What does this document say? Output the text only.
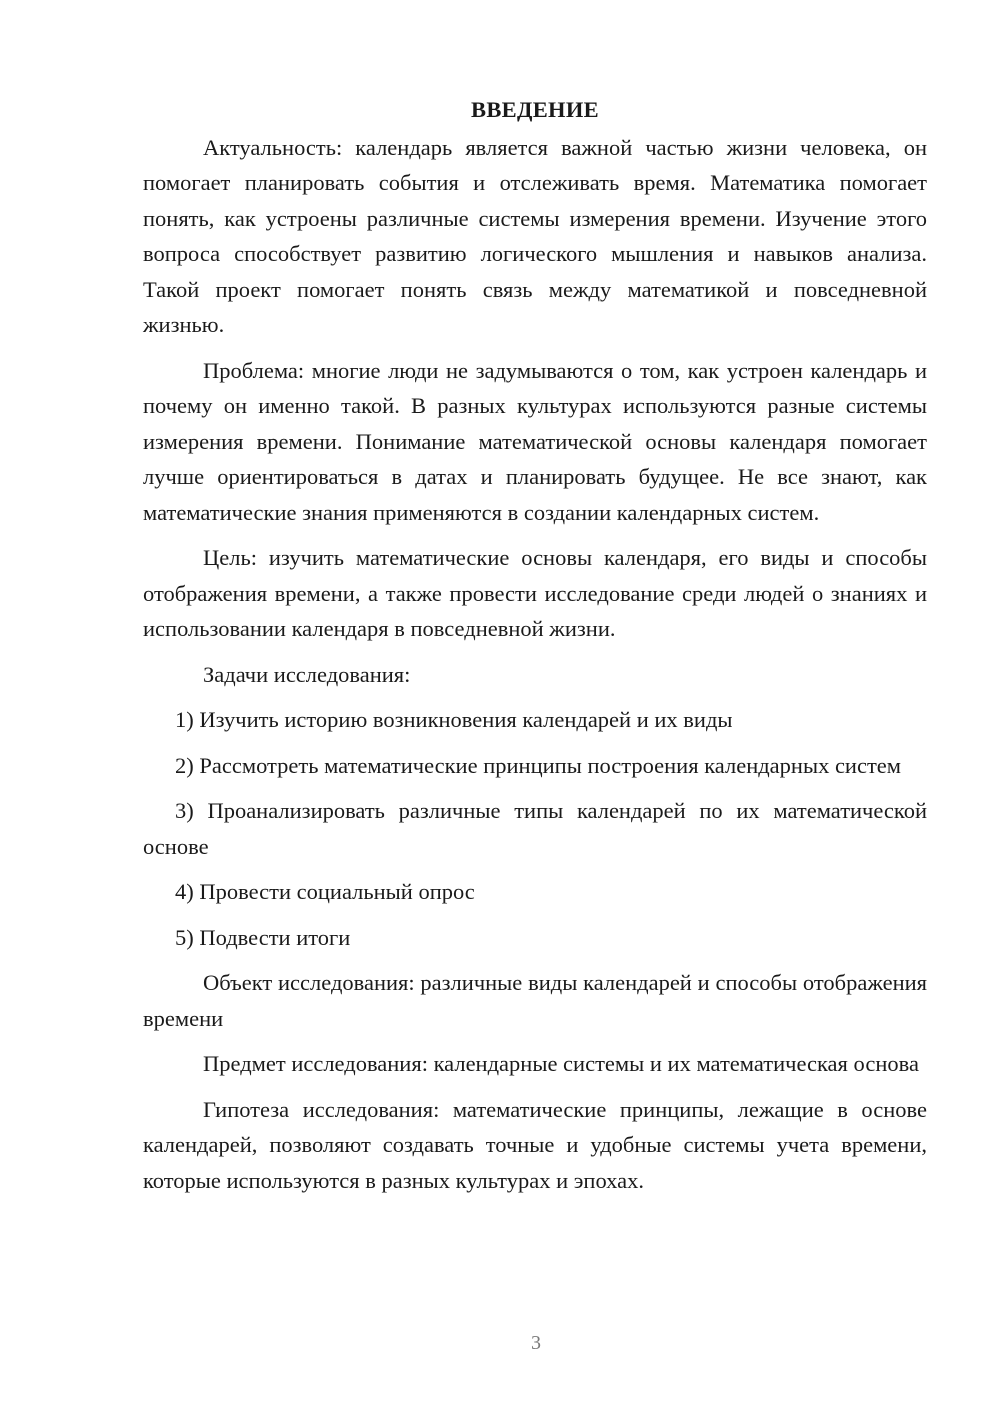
ВВЕДЕНИЕ

Актуальность: календарь является важной частью жизни человека, он помогает планировать события и отслеживать время. Математика помогает понять, как устроены различные системы измерения времени. Изучение этого вопроса способствует развитию логического мышления и навыков анализа. Такой проект помогает понять связь между математикой и повседневной жизнью.

Проблема: многие люди не задумываются о том, как устроен календарь и почему он именно такой. В разных культурах используются разные системы измерения времени. Понимание математической основы календаря помогает лучше ориентироваться в датах и планировать будущее. Не все знают, как математические знания применяются в создании календарных систем.

Цель: изучить математические основы календаря, его виды и способы отображения времени, а также провести исследование среди людей о знаниях и использовании календаря в повседневной жизни.

Задачи исследования:

1) Изучить историю возникновения календарей и их виды

2) Рассмотреть математические принципы построения календарных систем

3) Проанализировать различные типы календарей по их математической основе

4) Провести социальный опрос

5) Подвести итоги

Объект исследования: различные виды календарей и способы отображения времени

Предмет исследования: календарные системы и их математическая основа

Гипотеза исследования: математические принципы, лежащие в основе календарей, позволяют создавать точные и удобные системы учета времени, которые используются в разных культурах и эпохах.

3
